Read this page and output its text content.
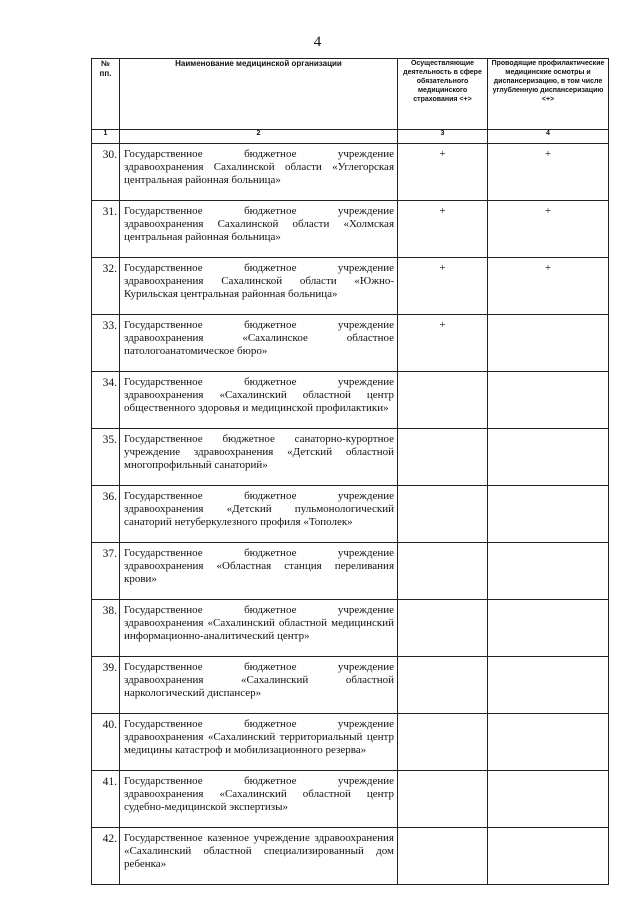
4
№ пп.	Наименование медицинской организации	Осуществляющие деятельность в сфере обязательного медицинского страхования <+>	Проводящие профилактические медицинские осмотры и диспансеризацию, в том числе углубленную диспансеризацию <+>

1	2	3	4
30.	Государственное бюджетное учреждение здравоохранения Сахалинской области «Углегорская центральная районная больница»	+	+
31.	Государственное бюджетное учреждение здравоохранения Сахалинской области «Холмская центральная районная больница»	+	+
32.	Государственное бюджетное учреждение здравоохранения Сахалинской области «Южно-Курильская центральная районная больница»	+	+
33.	Государственное бюджетное учреждение здравоохранения «Сахалинское областное патологоанатомическое бюро»	+	
34.	Государственное бюджетное учреждение здравоохранения «Сахалинский областной центр общественного здоровья и медицинской профилактики»		
35.	Государственное бюджетное санаторно-курортное учреждение здравоохранения «Детский областной многопрофильный санаторий»		
36.	Государственное бюджетное учреждение здравоохранения «Детский пульмонологический санаторий нетуберкулезного профиля «Тополек»		
37.	Государственное бюджетное учреждение здравоохранения «Областная станция переливания крови»		
38.	Государственное бюджетное учреждение здравоохранения «Сахалинский областной медицинский информационно-аналитический центр»		
39.	Государственное бюджетное учреждение здравоохранения «Сахалинский областной наркологический диспансер»		
40.	Государственное бюджетное учреждение здравоохранения «Сахалинский территориальный центр медицины катастроф и мобилизационного резерва»		
41.	Государственное бюджетное учреждение здравоохранения «Сахалинский областной центр судебно-медицинской экспертизы»		
42.	Государственное казенное учреждение здравоохранения «Сахалинский областной специализированный дом ребенка»		
